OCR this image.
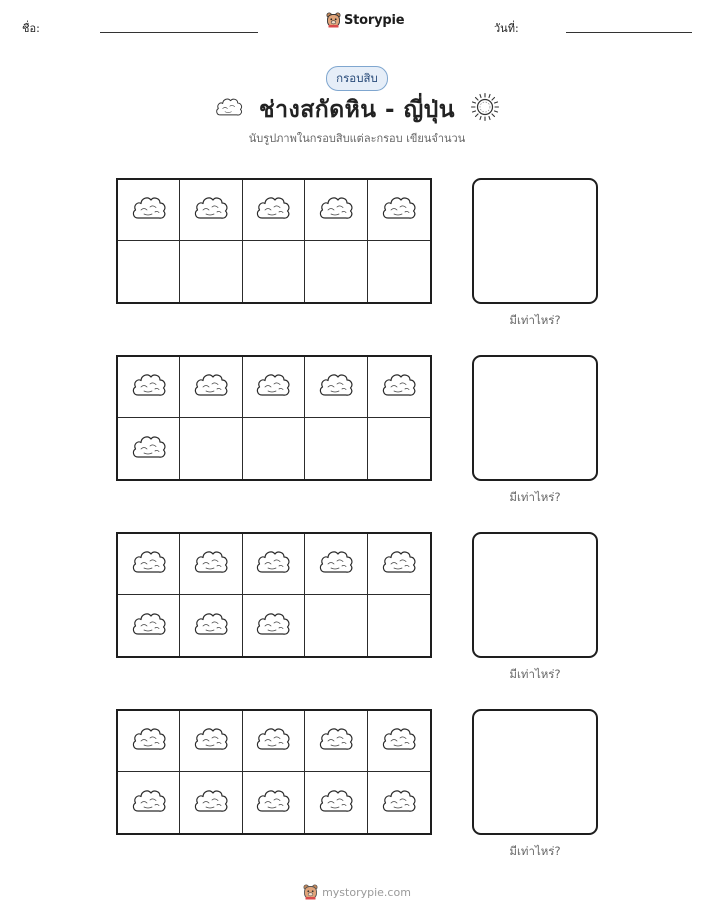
ชื่อ:
Storypie
วันที่:
กรอบสิบ
ช่างสกัดหิน - ญี่ปุ่น
นับรูปภาพในกรอบสิบแต่ละกรอบ เขียนจำนวน
มีเท่าไหร่?
มีเท่าไหร่?
มีเท่าไหร่?
มีเท่าไหร่?
mystorypie.com
